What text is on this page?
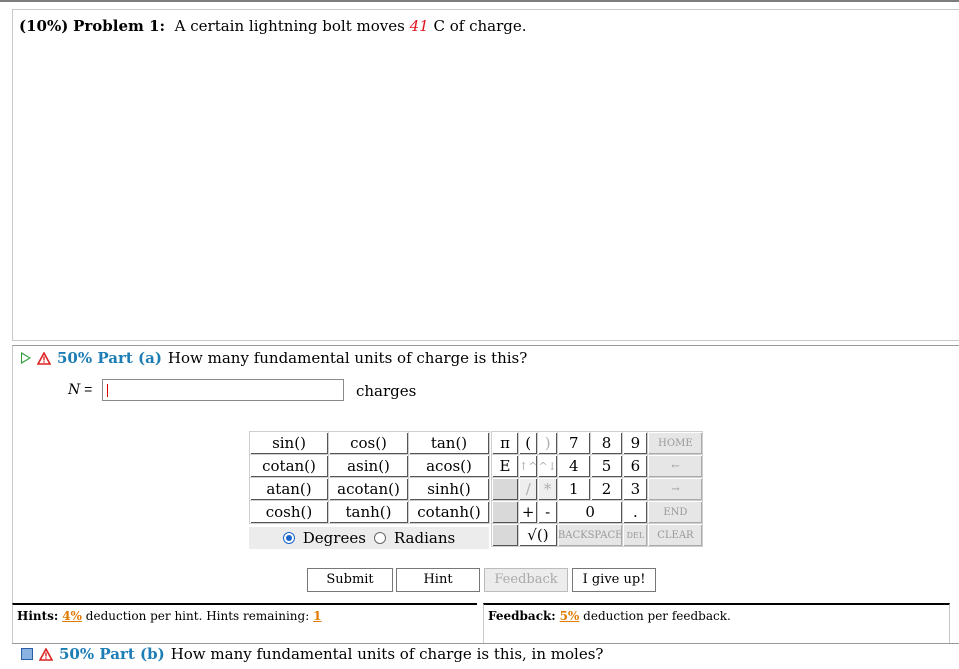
(10%) Problem 1: A certain lightning bolt moves 41 C of charge.
50% Part (a) How many fundamental units of charge is this?
N =	charges
sin()	cos()	tan()
cotan()	asin()	acos()
atan()	acotan()	sinh()
cosh()	tanh()	cotanh()
Degrees Radians
π	(	)	7	8	9	HOME
E	↑^	^↓	4	5	6	←
	/	*	1	2	3	→
	+	-	0		.	END
	√()		BACKSPACE		DEL	CLEAR
Submit	Hint	Feedback	I give up!
Hints: 4% deduction per hint. Hints remaining: 1	Feedback: 5% deduction per feedback.
50% Part (b) How many fundamental units of charge is this, in moles?
